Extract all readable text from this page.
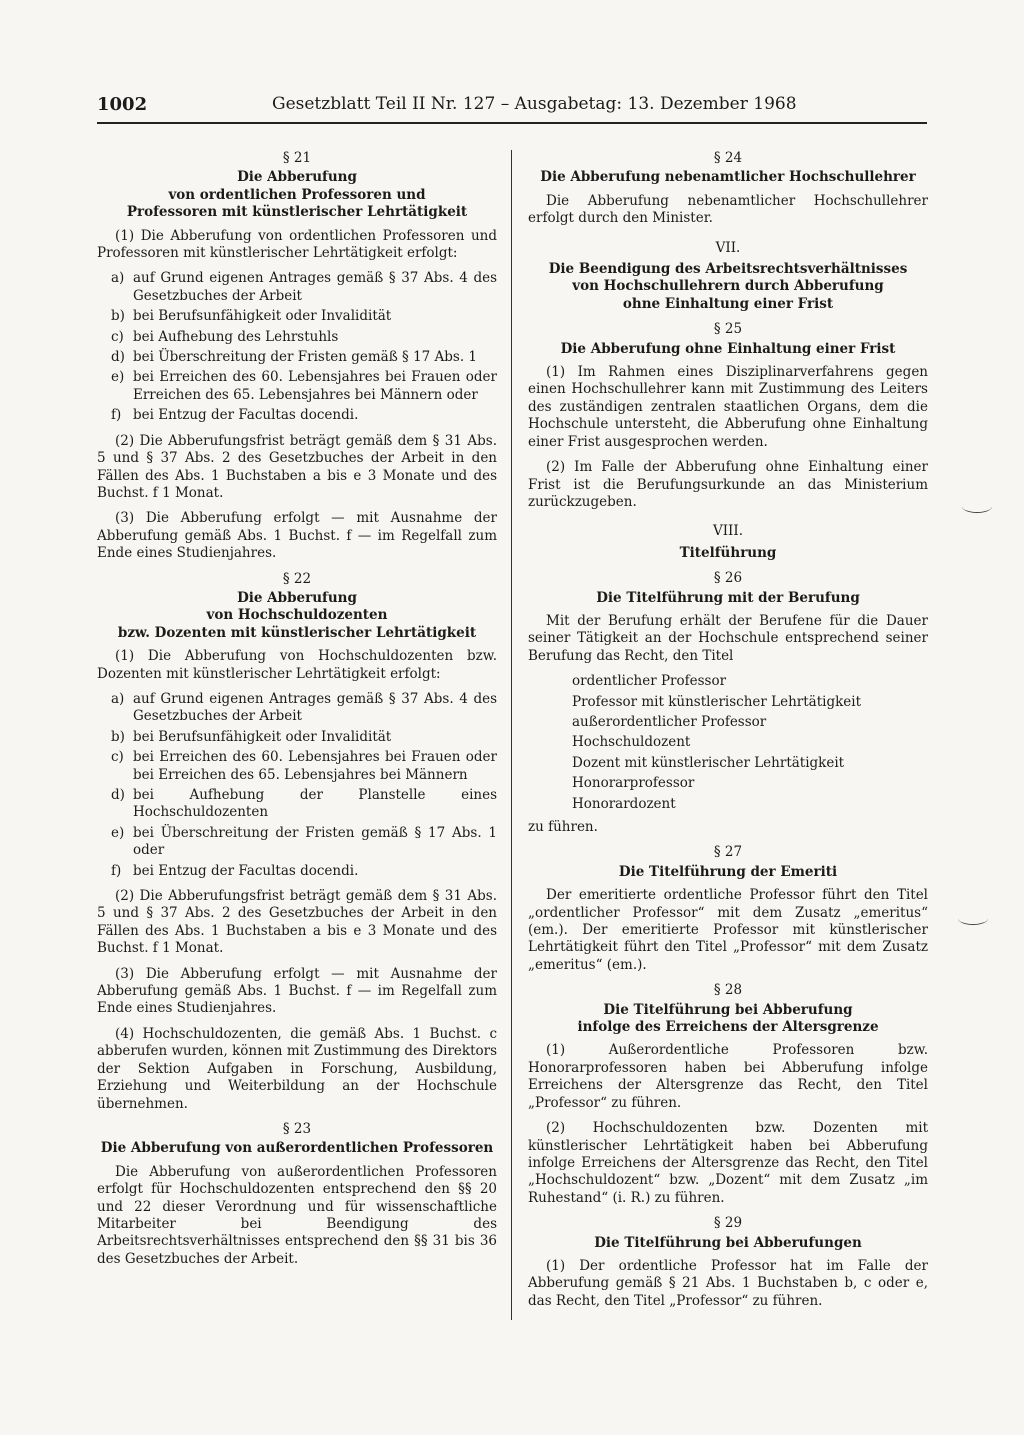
1002	Gesetzblatt Teil II Nr. 127 – Ausgabetag: 13. Dezember 1968
§ 21
Die Abberufung
von ordentlichen Professoren und
Professoren mit künstlerischer Lehrtätigkeit

(1) Die Abberufung von ordentlichen Professoren und Professoren mit künstlerischer Lehrtätigkeit erfolgt:

a) auf Grund eigenen Antrages gemäß § 37 Abs. 4 des Gesetzbuches der Arbeit
b) bei Berufsunfähigkeit oder Invalidität
c) bei Aufhebung des Lehrstuhls
d) bei Überschreitung der Fristen gemäß § 17 Abs. 1
e) bei Erreichen des 60. Lebensjahres bei Frauen oder Erreichen des 65. Lebensjahres bei Männern oder
f) bei Entzug der Facultas docendi.

(2) Die Abberufungsfrist beträgt gemäß dem § 31 Abs. 5 und § 37 Abs. 2 des Gesetzbuches der Arbeit in den Fällen des Abs. 1 Buchstaben a bis e 3 Monate und des Buchst. f 1 Monat.

(3) Die Abberufung erfolgt — mit Ausnahme der Abberufung gemäß Abs. 1 Buchst. f — im Regelfall zum Ende eines Studienjahres.

§ 22
Die Abberufung
von Hochschuldozenten
bzw. Dozenten mit künstlerischer Lehrtätigkeit

(1) Die Abberufung von Hochschuldozenten bzw. Dozenten mit künstlerischer Lehrtätigkeit erfolgt:

a) auf Grund eigenen Antrages gemäß § 37 Abs. 4 des Gesetzbuches der Arbeit
b) bei Berufsunfähigkeit oder Invalidität
c) bei Erreichen des 60. Lebensjahres bei Frauen oder bei Erreichen des 65. Lebensjahres bei Männern
d) bei Aufhebung der Planstelle eines Hochschuldozenten
e) bei Überschreitung der Fristen gemäß § 17 Abs. 1 oder
f) bei Entzug der Facultas docendi.

(2) Die Abberufungsfrist beträgt gemäß dem § 31 Abs. 5 und § 37 Abs. 2 des Gesetzbuches der Arbeit in den Fällen des Abs. 1 Buchstaben a bis e 3 Monate und des Buchst. f 1 Monat.

(3) Die Abberufung erfolgt — mit Ausnahme der Abberufung gemäß Abs. 1 Buchst. f — im Regelfall zum Ende eines Studienjahres.

(4) Hochschuldozenten, die gemäß Abs. 1 Buchst. c abberufen wurden, können mit Zustimmung des Direktors der Sektion Aufgaben in Forschung, Ausbildung, Erziehung und Weiterbildung an der Hochschule übernehmen.

§ 23
Die Abberufung von außerordentlichen Professoren

Die Abberufung von außerordentlichen Professoren erfolgt für Hochschuldozenten entsprechend den §§ 20 und 22 dieser Verordnung und für wissenschaftliche Mitarbeiter bei Beendigung des Arbeitsrechtsverhältnisses entsprechend den §§ 31 bis 36 des Gesetzbuches der Arbeit.

§ 24
Die Abberufung nebenamtlicher Hochschullehrer

Die Abberufung nebenamtlicher Hochschullehrer erfolgt durch den Minister.

VII.
Die Beendigung des Arbeitsrechtsverhältnisses
von Hochschullehrern durch Abberufung
ohne Einhaltung einer Frist
§ 25
Die Abberufung ohne Einhaltung einer Frist

(1) Im Rahmen eines Disziplinarverfahrens gegen einen Hochschullehrer kann mit Zustimmung des Leiters des zuständigen zentralen staatlichen Organs, dem die Hochschule untersteht, die Abberufung ohne Einhaltung einer Frist ausgesprochen werden.

(2) Im Falle der Abberufung ohne Einhaltung einer Frist ist die Berufungsurkunde an das Ministerium zurückzugeben.

VIII.
Titelführung
§ 26
Die Titelführung mit der Berufung

Mit der Berufung erhält der Berufene für die Dauer seiner Tätigkeit an der Hochschule entsprechend seiner Berufung das Recht, den Titel

ordentlicher Professor
Professor mit künstlerischer Lehrtätigkeit
außerordentlicher Professor
Hochschuldozent
Dozent mit künstlerischer Lehrtätigkeit
Honorarprofessor
Honorardozent

zu führen.

§ 27
Die Titelführung der Emeriti

Der emeritierte ordentliche Professor führt den Titel „ordentlicher Professor“ mit dem Zusatz „emeritus“ (em.). Der emeritierte Professor mit künstlerischer Lehrtätigkeit führt den Titel „Professor“ mit dem Zusatz „emeritus“ (em.).

§ 28
Die Titelführung bei Abberufung
infolge des Erreichens der Altersgrenze

(1) Außerordentliche Professoren bzw. Honorarprofessoren haben bei Abberufung infolge Erreichens der Altersgrenze das Recht, den Titel „Professor“ zu führen.

(2) Hochschuldozenten bzw. Dozenten mit künstlerischer Lehrtätigkeit haben bei Abberufung infolge Erreichens der Altersgrenze das Recht, den Titel „Hochschuldozent“ bzw. „Dozent“ mit dem Zusatz „im Ruhestand“ (i. R.) zu führen.

§ 29
Die Titelführung bei Abberufungen

(1) Der ordentliche Professor hat im Falle der Abberufung gemäß § 21 Abs. 1 Buchstaben b, c oder e, das Recht, den Titel „Professor“ zu führen.
